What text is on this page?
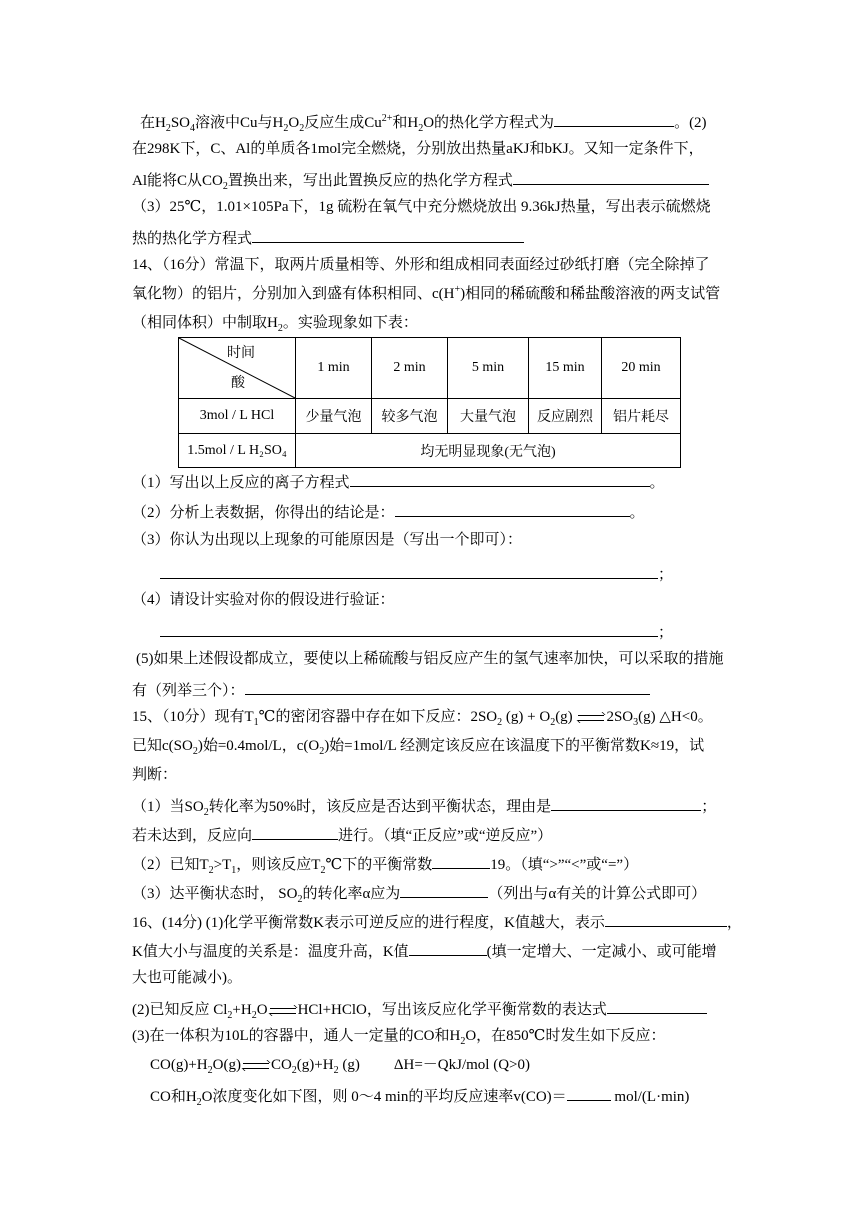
在$H_2SO_4$溶液中Cu与$H_2O_2$反应生成$Cu^{2+}$和$H_2O$的热化学方程式为	。(2)
在298K下，C、Al的单质各1mol完全燃烧，分别放出热量aKJ和bKJ。又知一定条件下，
Al能将C从$CO_2$置换出来，写出此置换反应的热化学方程式
（3）25℃，1.01×105Pa下，1g 硫粉在氧气中充分燃烧放出 9.36kJ热量，写出表示硫燃烧
热的热化学方程式
14、（16分）常温下，取两片质量相等、外形和组成相同表面经过砂纸打磨（完全除掉了
氧化物）的铝片，分别加入到盛有体积相同、c(H+)相同的稀硫酸和稀盐酸溶液的两支试管
（相同体积）中制取$H_2$。实验现象如下表：
时间
酸	1 min	2 min	5 min	15 min	20 min
3mol / L HCl	少量气泡	较多气泡	大量气泡	反应剧烈	铝片耗尽
1.5mol / L H₂SO₄	均无明显现象(无气泡)				
（1）写出以上反应的离子方程式	。
（2）分析上表数据，你得出的结论是：	。
（3）你认为出现以上现象的可能原因是（写出一个即可）：
；
（4）请设计实验对你的假设进行验证：
；
(5)如果上述假设都成立，要使以上稀硫酸与铝反应产生的氢气速率加快，可以采取的措施
有（列举三个）：
15、（10分）现有$T_1℃$的密闭容器中存在如下反应：$2SO_2$ $(g) + O_2(g)$
$2SO_3(g)$ △H<0。
已知$c(SO_2)$始=0.4mol/L，$c(O_2)$始=1mol/L 经测定该反应在该温度下的平衡常数K≈19，试
判断：
（1）当$SO_2$转化率为50%时，该反应是否达到平衡状态，理由是	；
若未达到，反应向	进行。（填“正反应”或“逆反应”）
（2）已知$T_2>T_1$，则该反应$T_2℃$下的平衡常数	19。（填“>”“<”或“=”）
（3）达平衡状态时， $SO_2$的转化率α应为	（列出与α有关的计算公式即可）
16、(14分) (1)化学平衡常数K表示可逆反应的进行程度，K值越大，表示	，
K值大小与温度的关系是：温度升高，K值	(填一定增大、一定减小、或可能增
大也可能减小)。
(2)已知反应 $Cl_2+H_2O$ HCl+HClO，写出该反应化学平衡常数的表达式
(3)在一体积为10L的容器中，通人一定量的CO和$H_2O$，在850℃时发生如下反应：
$CO(g)+H_2O(g)$ $CO_2(g)+H_2$ (g) ΔH=－QkJ/mol (Q>0)
CO和$H_2O$浓度变化如下图，则 0～4 min的平均反应速率v(CO)＝	mol/(L·min)
